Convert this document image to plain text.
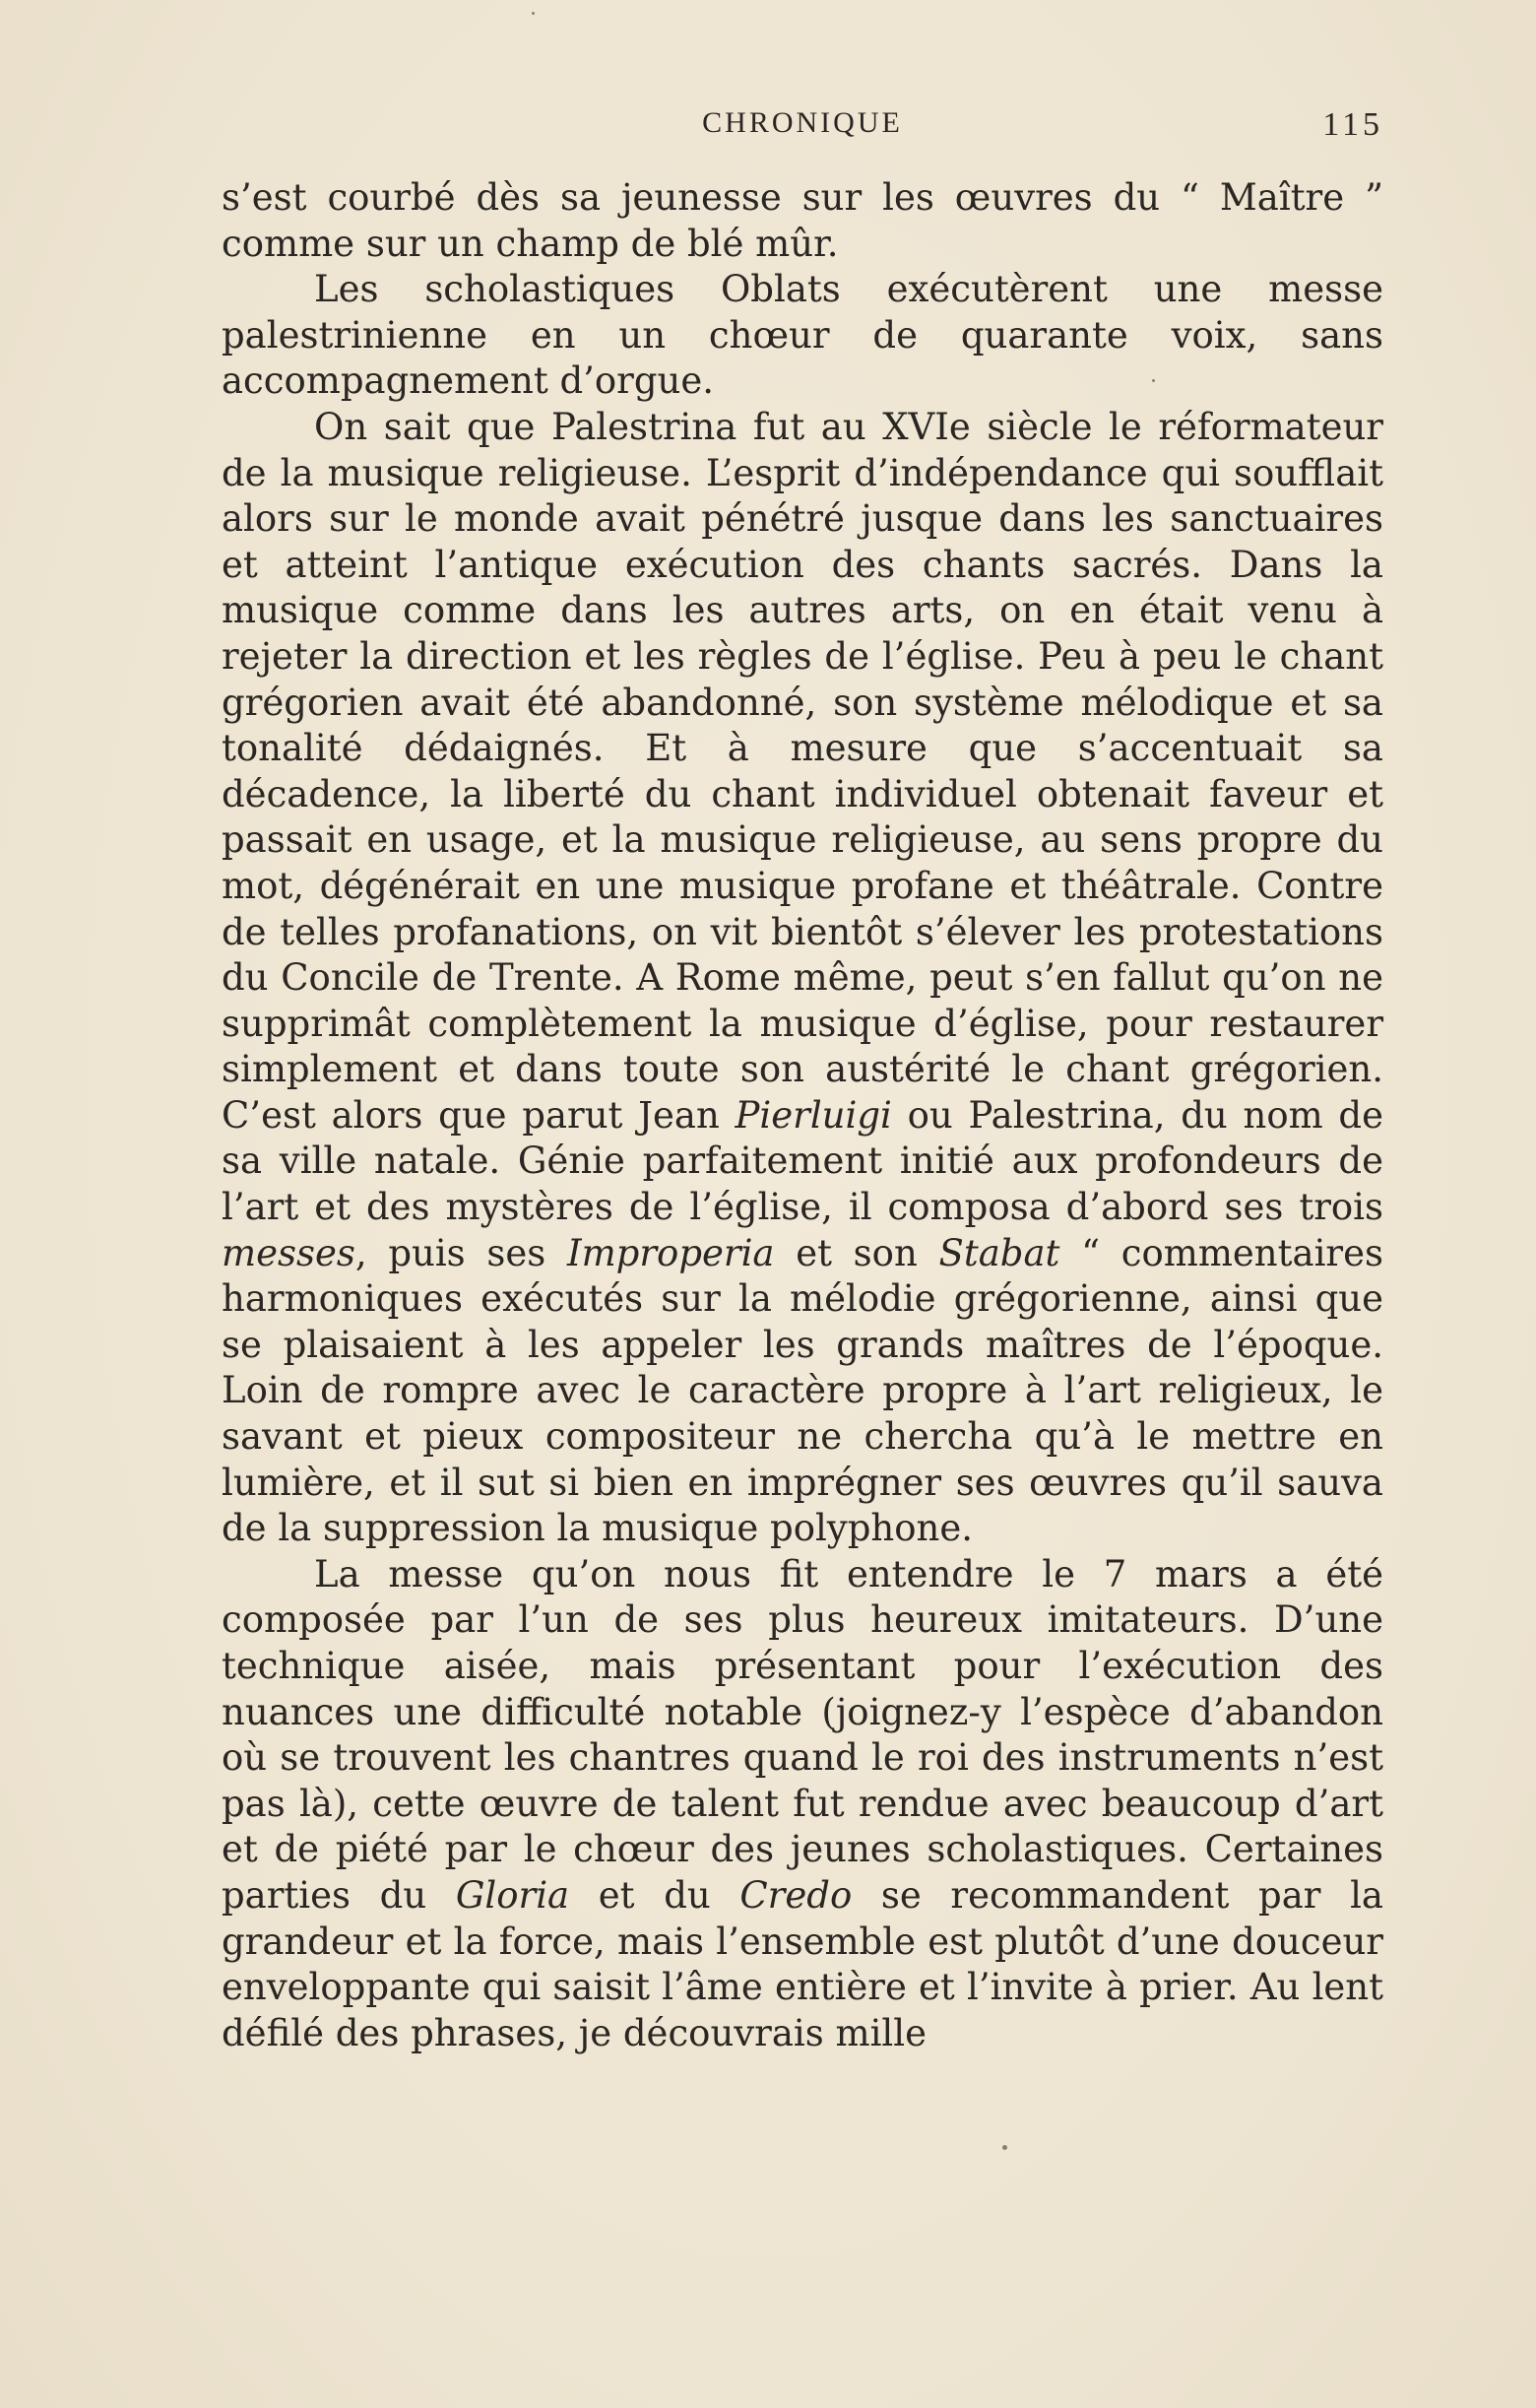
CHRONIQUE	115

s’est courbé dès sa jeunesse sur les œuvres du “ Maître ” comme sur un champ de blé mûr.

Les scholastiques Oblats exécutèrent une messe palestrinienne en un chœur de quarante voix, sans accompagnement d’orgue.

On sait que Palestrina fut au XVIe siècle le réformateur de la musique religieuse. L’esprit d’indépendance qui soufflait alors sur le monde avait pénétré jusque dans les sanctuaires et atteint l’antique exécution des chants sacrés. Dans la musique comme dans les autres arts, on en était venu à rejeter la direction et les règles de l’église. Peu à peu le chant grégorien avait été abandonné, son système mélodique et sa tonalité dédaignés. Et à mesure que s’accentuait sa décadence, la liberté du chant individuel obtenait faveur et passait en usage, et la musique religieuse, au sens propre du mot, dégénérait en une musique profane et théâtrale. Contre de telles profanations, on vit bientôt s’élever les protestations du Concile de Trente. A Rome même, peut s’en fallut qu’on ne supprimât complètement la musique d’église, pour restaurer simplement et dans toute son austérité le chant grégorien. C’est alors que parut Jean Pierluigi ou Palestrina, du nom de sa ville natale. Génie parfaitement initié aux profondeurs de l’art et des mystères de l’église, il composa d’abord ses trois messes, puis ses Improperia et son Stabat “ commentaires harmoniques exécutés sur la mélodie grégorienne, ainsi que se plaisaient à les appeler les grands maîtres de l’époque. Loin de rompre avec le caractère propre à l’art religieux, le savant et pieux compositeur ne chercha qu’à le mettre en lumière, et il sut si bien en imprégner ses œuvres qu’il sauva de la suppression la musique polyphone.

La messe qu’on nous fit entendre le 7 mars a été composée par l’un de ses plus heureux imitateurs. D’une technique aisée, mais présentant pour l’exécution des nuances une difficulté notable (joignez-y l’espèce d’abandon où se trouvent les chantres quand le roi des instruments n’est pas là), cette œuvre de talent fut rendue avec beaucoup d’art et de piété par le chœur des jeunes scholastiques. Certaines parties du Gloria et du Credo se recommandent par la grandeur et la force, mais l’ensemble est plutôt d’une douceur enveloppante qui saisit l’âme entière et l’invite à prier. Au lent défilé des phrases, je découvrais mille
